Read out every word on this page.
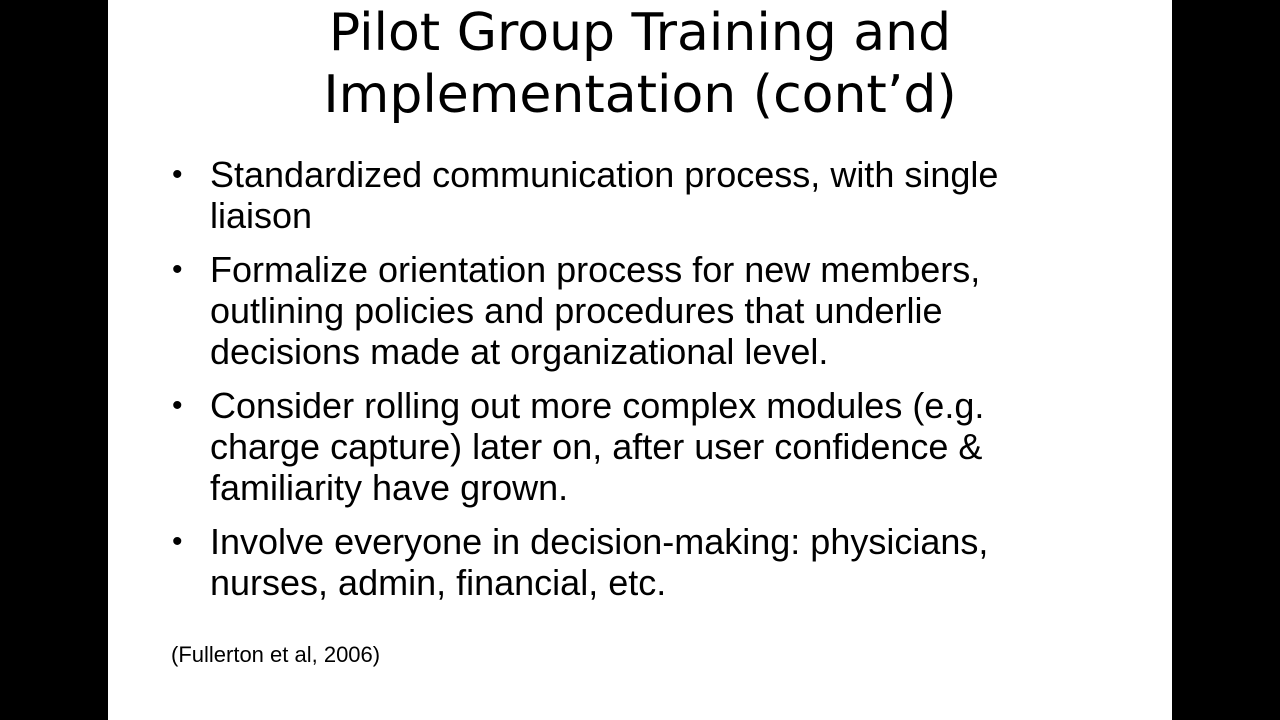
Pilot Group Training and
Implementation (cont’d)
• Standardized communication process, with single
liaison
• Formalize orientation process for new members,
outlining policies and procedures that underlie
decisions made at organizational level.
• Consider rolling out more complex modules (e.g.
charge capture) later on, after user confidence &
familiarity have grown.
• Involve everyone in decision-making: physicians,
nurses, admin, financial, etc.
(Fullerton et al, 2006)
